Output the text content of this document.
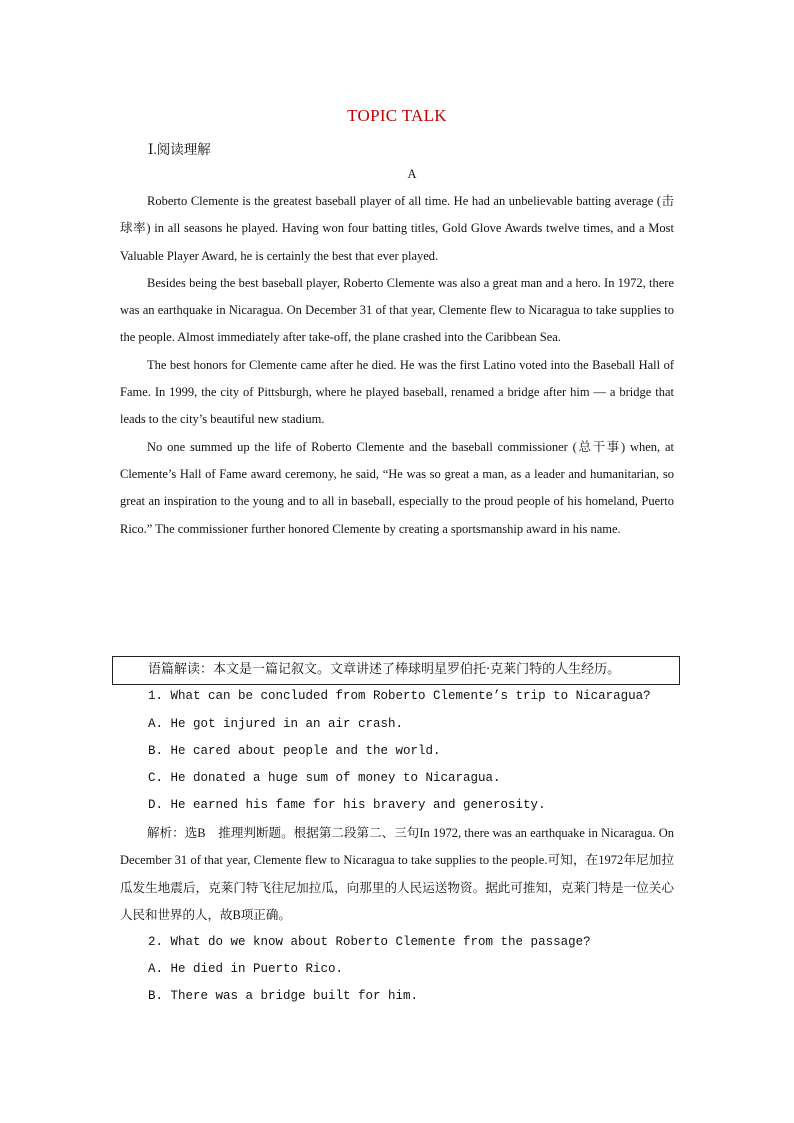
TOPIC TALK
Ⅰ.阅读理解
A

Roberto Clemente is the greatest baseball player of all time. He had an unbelievable batting average (击球率) in all seasons he played. Having won four batting titles, Gold Glove Awards twelve times, and a Most Valuable Player Award, he is certainly the best that ever played.

Besides being the best baseball player, Roberto Clemente was also a great man and a hero. In 1972, there was an earthquake in Nicaragua. On December 31 of that year, Clemente flew to Nicaragua to take supplies to the people. Almost immediately after take-off, the plane crashed into the Caribbean Sea.

The best honors for Clemente came after he died. He was the first Latino voted into the Baseball Hall of Fame. In 1999, the city of Pittsburgh, where he played baseball, renamed a bridge after him — a bridge that leads to the city’s beautiful new stadium.

No one summed up the life of Roberto Clemente and the baseball commissioner (总干事) when, at Clemente’s Hall of Fame award ceremony, he said, “He was so great a man, as a leader and humanitarian, so great an inspiration to the young and to all in baseball, especially to the proud people of his homeland, Puerto Rico.” The commissioner further honored Clemente by creating a sportsmanship award in his name.

语篇解读：本文是一篇记叙文。文章讲述了棒球明星罗伯托·克莱门特的人生经历。
1. What can be concluded from Roberto Clemente’s trip to Nicaragua?
A. He got injured in an air crash.
B. He cared about people and the world.
C. He donated a huge sum of money to Nicaragua.
D. He earned his fame for his bravery and generosity.

解析：选B　推理判断题。根据第二段第二、三句In 1972, there was an earthquake in Nicaragua. On December 31 of that year, Clemente flew to Nicaragua to take supplies to the people.可知，在1972年尼加拉瓜发生地震后，克莱门特飞往尼加拉瓜，向那里的人民运送物资。据此可推知，克莱门特是一位关心人民和世界的人，故B项正确。

2. What do we know about Roberto Clemente from the passage?
A. He died in Puerto Rico.
B. There was a bridge built for him.
